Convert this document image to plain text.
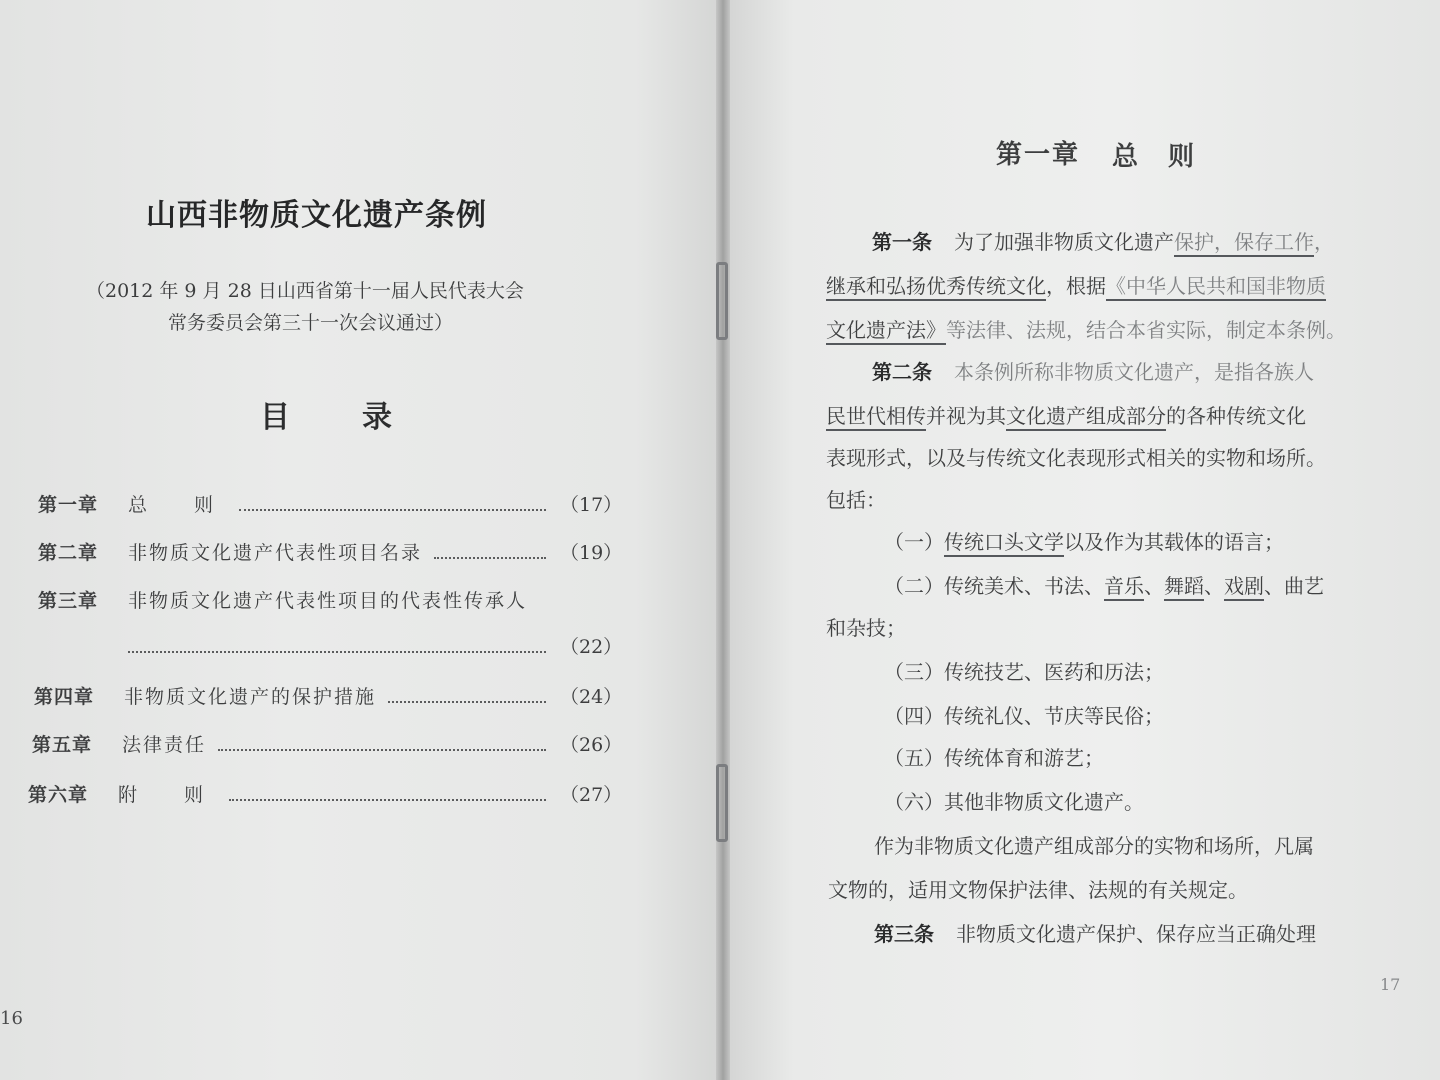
山西非物质文化遗产条例
（2012 年 9 月 28 日山西省第十一届人民代表大会
常务委员会第三十一次会议通过）
目 录
第一章 总　则	（17）
第二章 非物质文化遗产代表性项目名录	（19）
第三章 非物质文化遗产代表性项目的代表性传承人
（22）
第四章 非物质文化遗产的保护措施	（24）
第五章 法律责任	（26）
第六章 附　则	（27）
16
第一章 总则
第一条 为了加强非物质文化遗产保护，保存工作，
继承和弘扬优秀传统文化，根据《中华人民共和国非物质
文化遗产法》等法律、法规，结合本省实际，制定本条例。
第二条 本条例所称非物质文化遗产，是指各族人
民世代相传并视为其文化遗产组成部分的各种传统文化
表现形式，以及与传统文化表现形式相关的实物和场所。
包括：
（一）传统口头文学以及作为其载体的语言；
（二）传统美术、书法、音乐、舞蹈、戏剧、曲艺
和杂技；
（三）传统技艺、医药和历法；
（四）传统礼仪、节庆等民俗；
（五）传统体育和游艺；
（六）其他非物质文化遗产。
作为非物质文化遗产组成部分的实物和场所，凡属
文物的，适用文物保护法律、法规的有关规定。
第三条 非物质文化遗产保护、保存应当正确处理
17
